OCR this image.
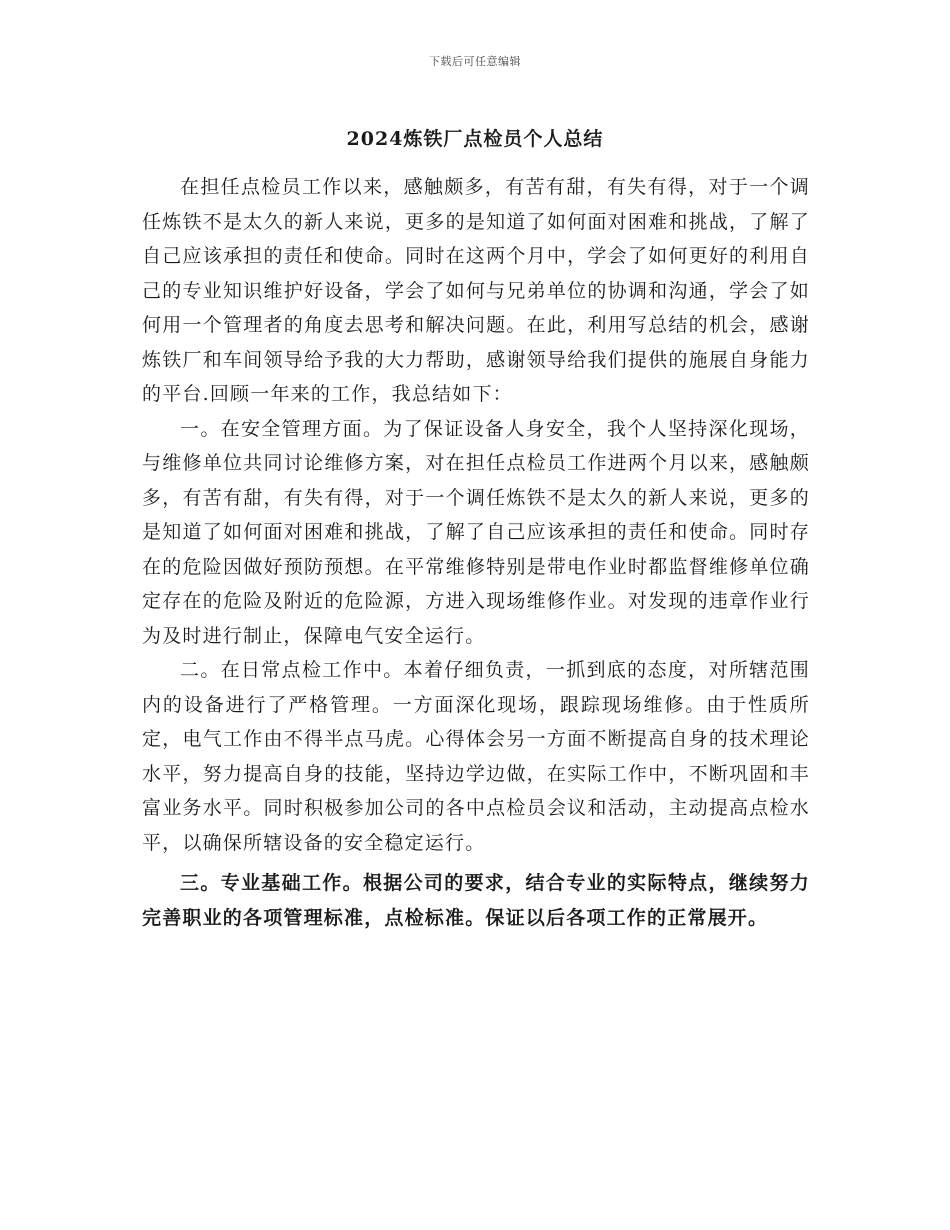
下载后可任意编辑
2024炼铁厂点检员个人总结

在担任点检员工作以来，感触颇多，有苦有甜，有失有得，对于一个调任炼铁不是太久的新人来说，更多的是知道了如何面对困难和挑战，了解了自己应该承担的责任和使命。同时在这两个月中，学会了如何更好的利用自己的专业知识维护好设备，学会了如何与兄弟单位的协调和沟通，学会了如何用一个管理者的角度去思考和解决问题。在此，利用写总结的机会，感谢炼铁厂和车间领导给予我的大力帮助，感谢领导给我们提供的施展自身能力的平台.回顾一年来的工作，我总结如下：

一。在安全管理方面。为了保证设备人身安全，我个人坚持深化现场，与维修单位共同讨论维修方案，对在担任点检员工作进两个月以来，感触颇多，有苦有甜，有失有得，对于一个调任炼铁不是太久的新人来说，更多的是知道了如何面对困难和挑战，了解了自己应该承担的责任和使命。同时存在的危险因做好预防预想。在平常维修特别是带电作业时都监督维修单位确定存在的危险及附近的危险源，方进入现场维修作业。对发现的违章作业行为及时进行制止，保障电气安全运行。

二。在日常点检工作中。本着仔细负责，一抓到底的态度，对所辖范围内的设备进行了严格管理。一方面深化现场，跟踪现场维修。由于性质所定，电气工作由不得半点马虎。心得体会另一方面不断提高自身的技术理论水平，努力提高自身的技能，坚持边学边做，在实际工作中，不断巩固和丰富业务水平。同时积极参加公司的各中点检员会议和活动，主动提高点检水平，以确保所辖设备的安全稳定运行。

三。专业基础工作。根据公司的要求，结合专业的实际特点，继续努力完善职业的各项管理标准，点检标准。保证以后各项工作的正常展开。
